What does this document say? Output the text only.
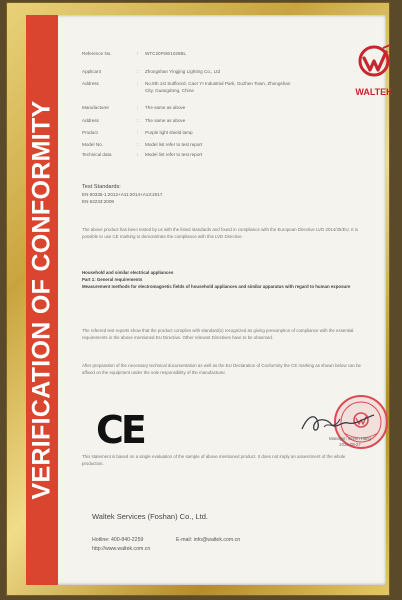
VERIFICATION OF CONFORMITY
WALTEK
Reference No.	: WTC20F6W1029BL
Applicant	: Zhongshan Yingjing Lighting Co., Ltd
Address	: No.8th 1st Sutfloord, Caor YI Industrial Park, Guzhen Town, Zhongshan City, Guangdong, China
Manufacturer	: The same as above
Address	: The same as above
Product	: Purple light shield lamp
Model No.	: Model list refer to test report
Technical data	: Model list refer to test report
Test Standards:
EN 60335-1:2012+A11:2014+A13:2017
EN 62233:2008
The above product has been tested by us with the listed standards and found in compliance with the European Directive LVD 2014/35/EU. It is possible to use CE marking to demonstrate the compliance with this LVD Directive.
Household and similar electrical appliances
Part 1: General requirements
Measurement methods for electromagnetic fields of household appliances and similar apparatus with regard to human exposure
The referred test reports show that the product complies with standard(s) recognized as giving presumption of compliance with the essential requirements in the above mentioned EU Directive. Other relevant Directives have to be observed.
After preparation of the necessary technical documentation as well as the EU Declaration of Conformity the CE marking as shown below can be affixed on the equipment under the sole responsibility of the manufacturer.
CE	Manager: Green Hang
2020-08-27
This statement is based on a single evaluation of the sample of above mentioned product. It does not imply an assessment of the whole production.
Waltek Services (Foshan) Co., Ltd.
Hotline: 400-840-2259	E-mail: info@waltek.com.cn
http://www.waltek.com.cn
